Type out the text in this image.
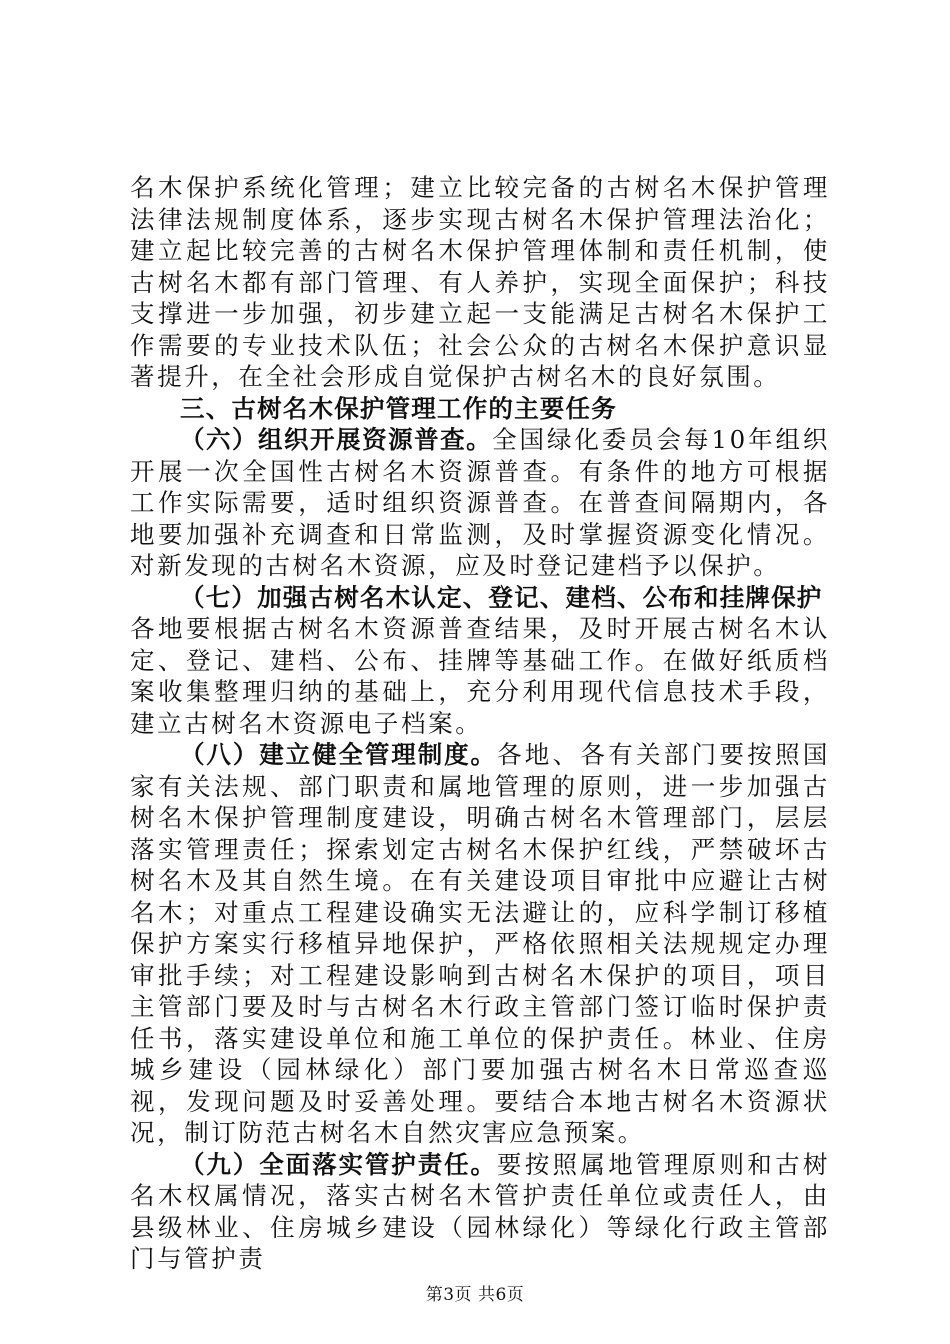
名木保护系统化管理；建立比较完备的古树名木保护管理法律法规制度体系，逐步实现古树名木保护管理法治化；建立起比较完善的古树名木保护管理体制和责任机制，使古树名木都有部门管理、有人养护，实现全面保护；科技支撑进一步加强，初步建立起一支能满足古树名木保护工作需要的专业技术队伍；社会公众的古树名木保护意识显著提升，在全社会形成自觉保护古树名木的良好氛围。

三、古树名木保护管理工作的主要任务

（六）组织开展资源普查。全国绿化委员会每10年组织开展一次全国性古树名木资源普查。有条件的地方可根据工作实际需要，适时组织资源普查。在普查间隔期内，各地要加强补充调查和日常监测，及时掌握资源变化情况。对新发现的古树名木资源，应及时登记建档予以保护。

（七）加强古树名木认定、登记、建档、公布和挂牌保护

各地要根据古树名木资源普查结果，及时开展古树名木认定、登记、建档、公布、挂牌等基础工作。在做好纸质档案收集整理归纳的基础上，充分利用现代信息技术手段，建立古树名木资源电子档案。

（八）建立健全管理制度。各地、各有关部门要按照国家有关法规、部门职责和属地管理的原则，进一步加强古树名木保护管理制度建设，明确古树名木管理部门，层层落实管理责任；探索划定古树名木保护红线，严禁破坏古树名木及其自然生境。在有关建设项目审批中应避让古树名木；对重点工程建设确实无法避让的，应科学制订移植保护方案实行移植异地保护，严格依照相关法规规定办理审批手续；对工程建设影响到古树名木保护的项目，项目主管部门要及时与古树名木行政主管部门签订临时保护责任书，落实建设单位和施工单位的保护责任。林业、住房城乡建设（园林绿化）部门要加强古树名木日常巡查巡视，发现问题及时妥善处理。要结合本地古树名木资源状况，制订防范古树名木自然灾害应急预案。

（九）全面落实管护责任。要按照属地管理原则和古树名木权属情况，落实古树名木管护责任单位或责任人，由县级林业、住房城乡建设（园林绿化）等绿化行政主管部门与管护责

第3页 共6页
